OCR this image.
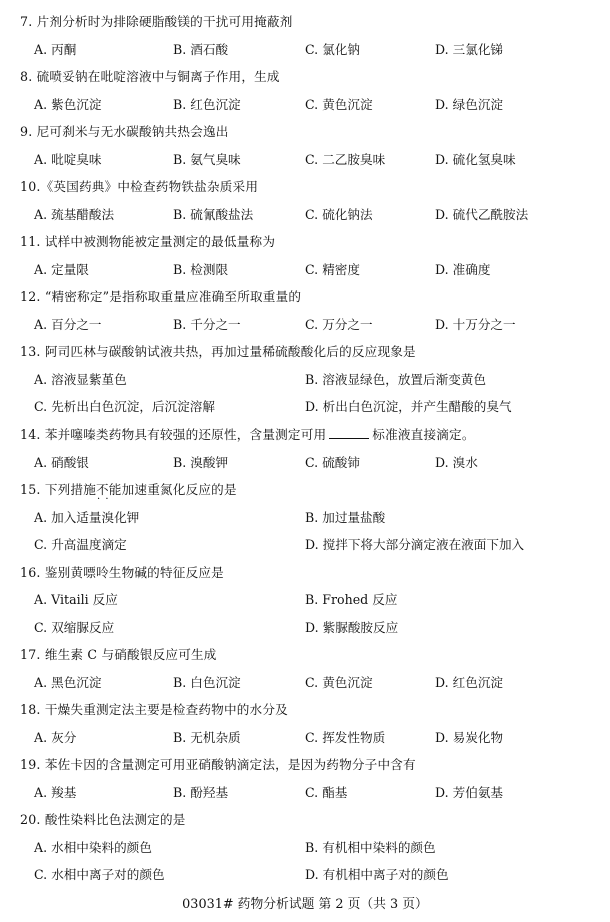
7. 片剂分析时为排除硬脂酸镁的干扰可用掩蔽剂
A. 丙酮	B. 酒石酸	C. 氯化钠	D. 三氯化锑
8. 硫喷妥钠在吡啶溶液中与铜离子作用，生成
A. 紫色沉淀	B. 红色沉淀	C. 黄色沉淀	D. 绿色沉淀
9. 尼可刹米与无水碳酸钠共热会逸出
A. 吡啶臭味	B. 氨气臭味	C. 二乙胺臭味	D. 硫化氢臭味
10.《英国药典》中检查药物铁盐杂质采用
A. 巯基醋酸法	B. 硫氰酸盐法	C. 硫化钠法	D. 硫代乙酰胺法
11. 试样中被测物能被定量测定的最低量称为
A. 定量限	B. 检测限	C. 精密度	D. 准确度
12. “精密称定”是指称取重量应准确至所取重量的
A. 百分之一	B. 千分之一	C. 万分之一	D. 十万分之一
13. 阿司匹林与碳酸钠试液共热，再加过量稀硫酸酸化后的反应现象是
A. 溶液显紫堇色	B. 溶液显绿色，放置后渐变黄色
C. 先析出白色沉淀，后沉淀溶解	D. 析出白色沉淀，并产生醋酸的臭气
14. 苯并噻嗪类药物具有较强的还原性，含量测定可用	标准液直接滴定。
A. 硝酸银	B. 溴酸钾	C. 硫酸铈	D. 溴水
15. 下列措施不能 · ·加速重氮化反应的是
A. 加入适量溴化钾	B. 加过量盐酸
C. 升高温度滴定	D. 搅拌下将大部分滴定液在液面下加入
16. 鉴别黄嘌呤生物碱的特征反应是
A. Vitaili 反应	B. Frohed 反应
C. 双缩脲反应	D. 紫脲酸胺反应
17. 维生素 C 与硝酸银反应可生成
A. 黑色沉淀	B. 白色沉淀	C. 黄色沉淀	D. 红色沉淀
18. 干燥失重测定法主要是检查药物中的水分及
A. 灰分	B. 无机杂质	C. 挥发性物质	D. 易炭化物
19. 苯佐卡因的含量测定可用亚硝酸钠滴定法，是因为药物分子中含有
A. 羧基	B. 酚羟基	C. 酯基	D. 芳伯氨基
20. 酸性染料比色法测定的是
A. 水相中染料的颜色	B. 有机相中染料的颜色
C. 水相中离子对的颜色	D. 有机相中离子对的颜色
03031# 药物分析试题 第 2 页（共 3 页）
